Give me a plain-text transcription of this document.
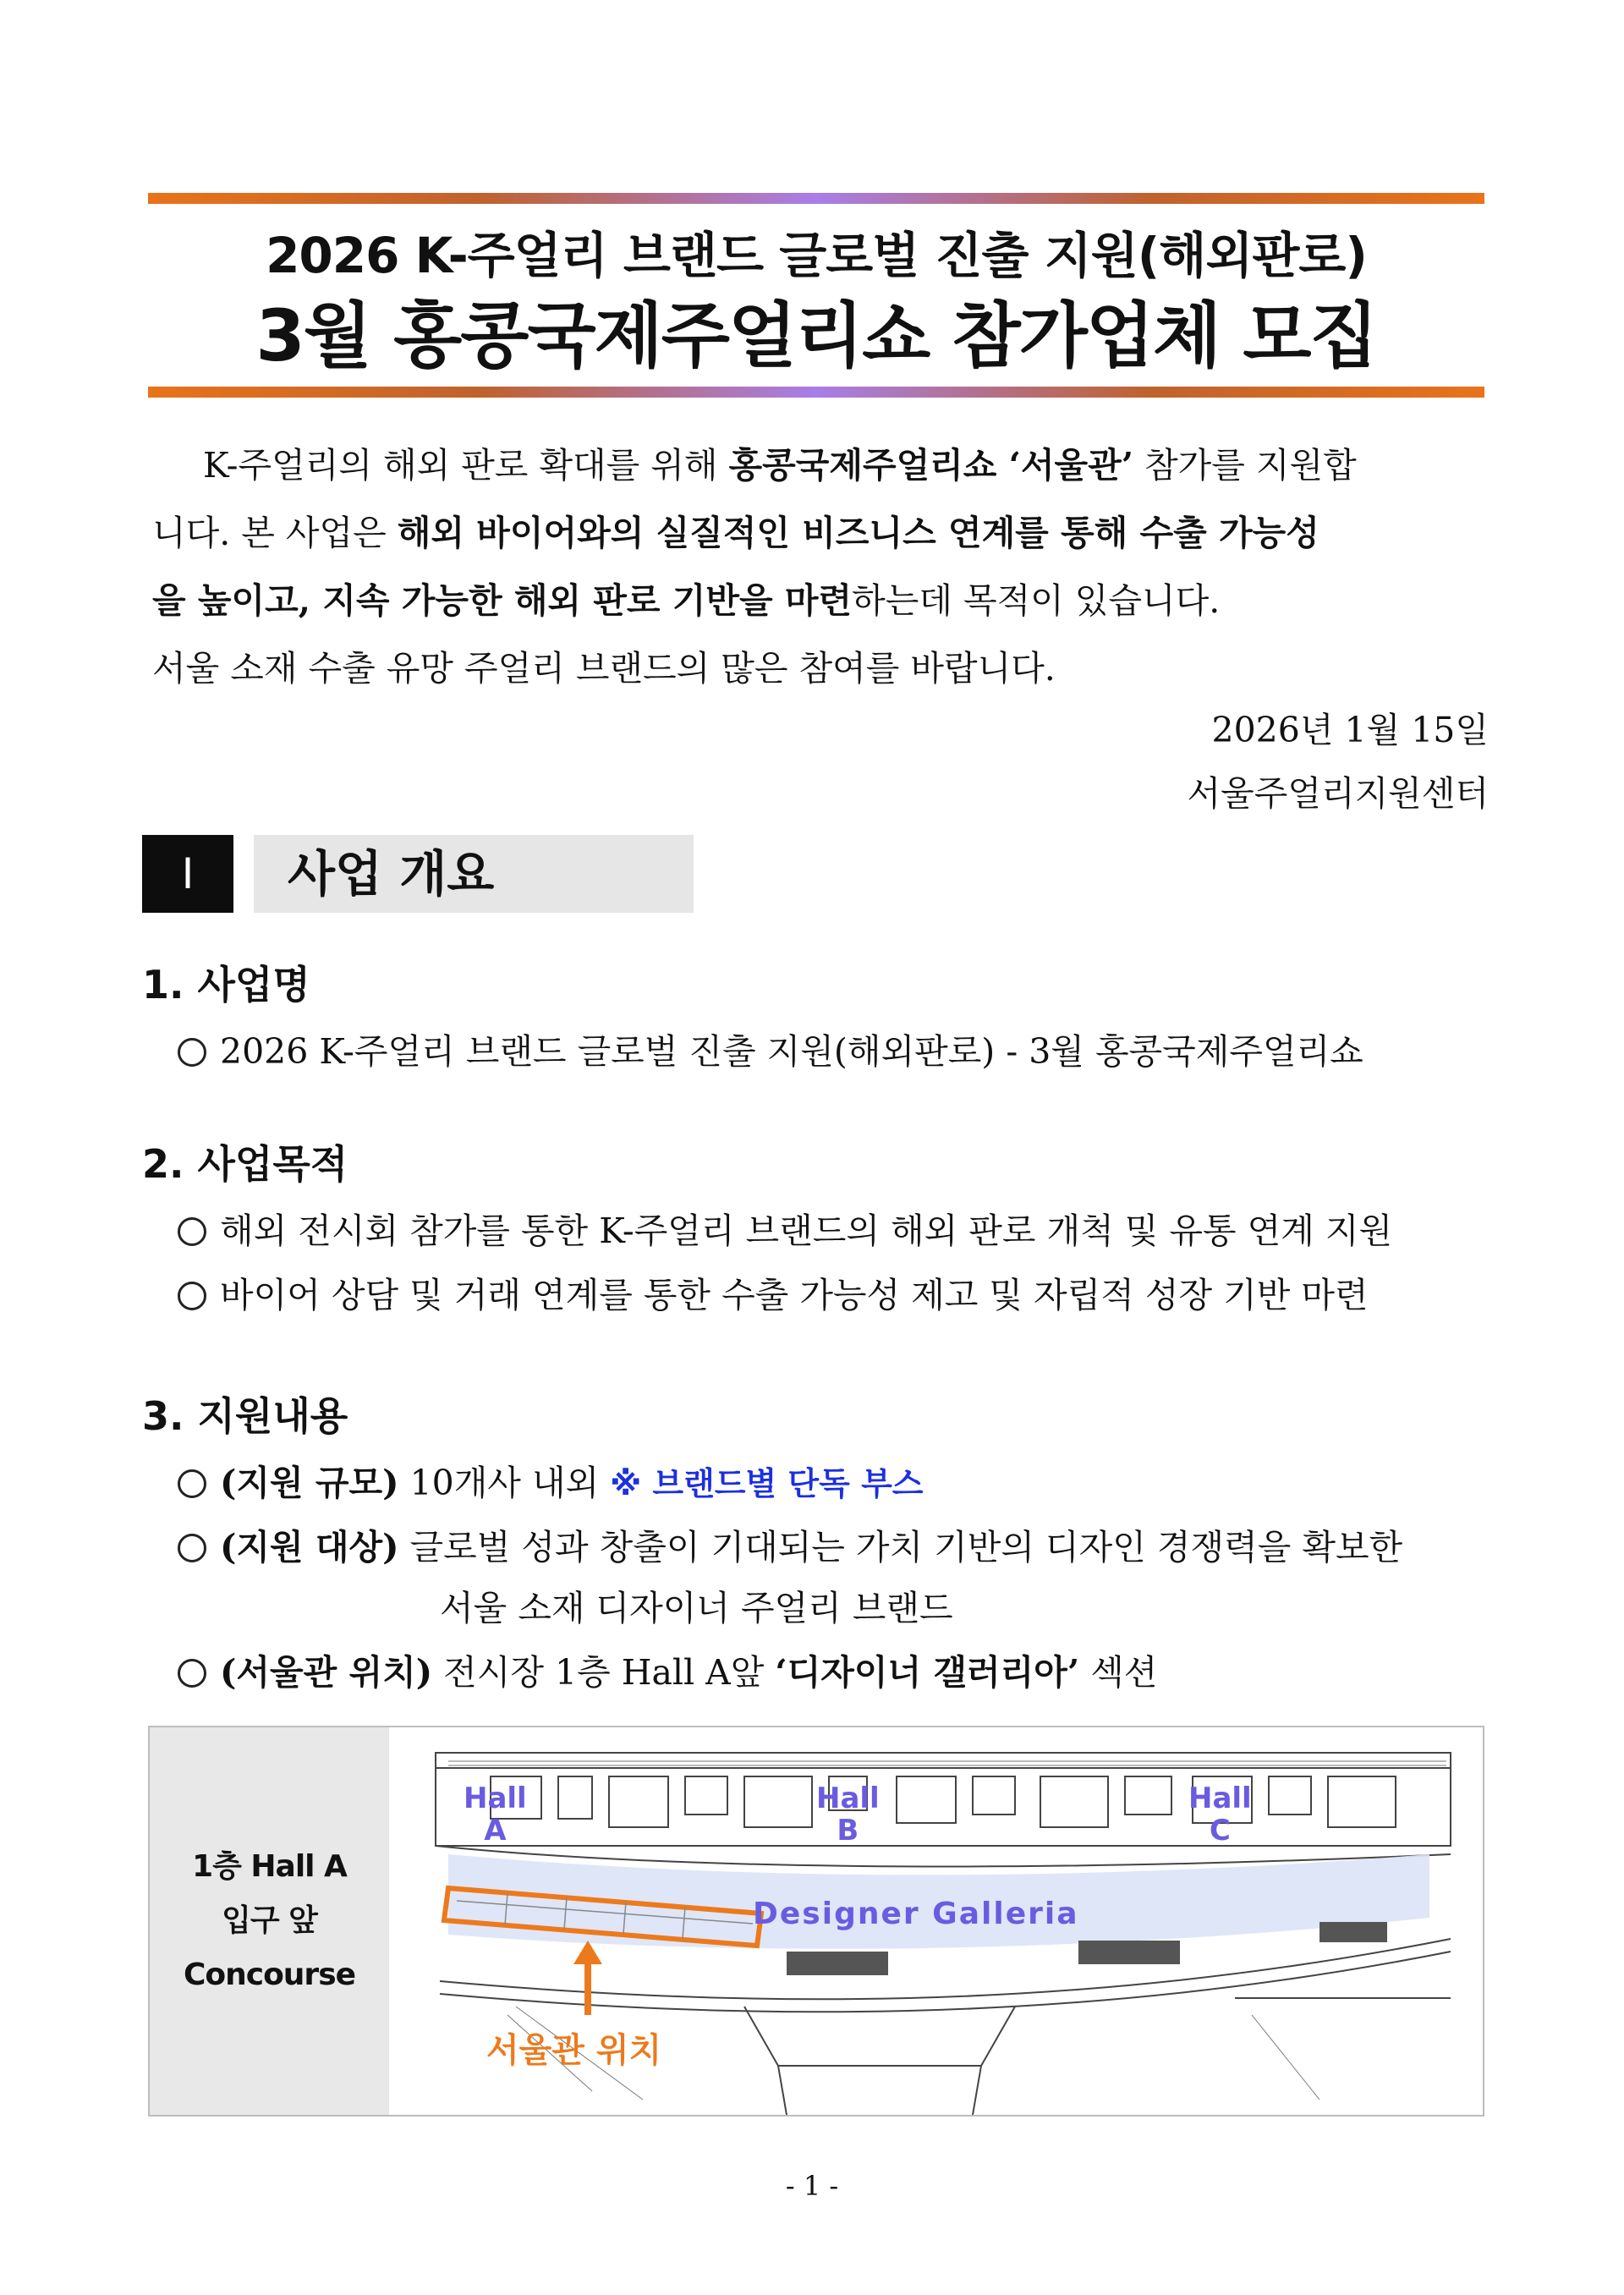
2026 K-주얼리 브랜드 글로벌 진출 지원(해외판로)
3월 홍콩국제주얼리쇼 참가업체 모집

K-주얼리의 해외 판로 확대를 위해 홍콩국제주얼리쇼 ‘서울관’ 참가를 지원합

니다. 본 사업은 해외 바이어와의 실질적인 비즈니스 연계를 통해 수출 가능성

을 높이고, 지속 가능한 해외 판로 기반을 마련하는데 목적이 있습니다.

서울 소재 수출 유망 주얼리 브랜드의 많은 참여를 바랍니다.

2026년 1월 15일
서울주얼리지원센터
Ⅰ	사업 개요
1. 사업명
2026 K-주얼리 브랜드 글로벌 진출 지원(해외판로) - 3월 홍콩국제주얼리쇼
2. 사업목적
해외 전시회 참가를 통한 K-주얼리 브랜드의 해외 판로 개척 및 유통 연계 지원
바이어 상담 및 거래 연계를 통한 수출 가능성 제고 및 자립적 성장 기반 마련
3. 지원내용
(지원 규모) 10개사 내외 ※ 브랜드별 단독 부스
(지원 대상) 글로벌 성과 창출이 기대되는 가치 기반의 디자인 경쟁력을 확보한
서울 소재 디자이너 주얼리 브랜드
(서울관 위치) 전시장 1층 Hall A앞 ‘디자이너 갤러리아’ 섹션
1층 Hall A
입구 앞
Concourse
Hall
A
Hall
B
Hall
C
Designer Galleria
서울관 위치
- 1 -
